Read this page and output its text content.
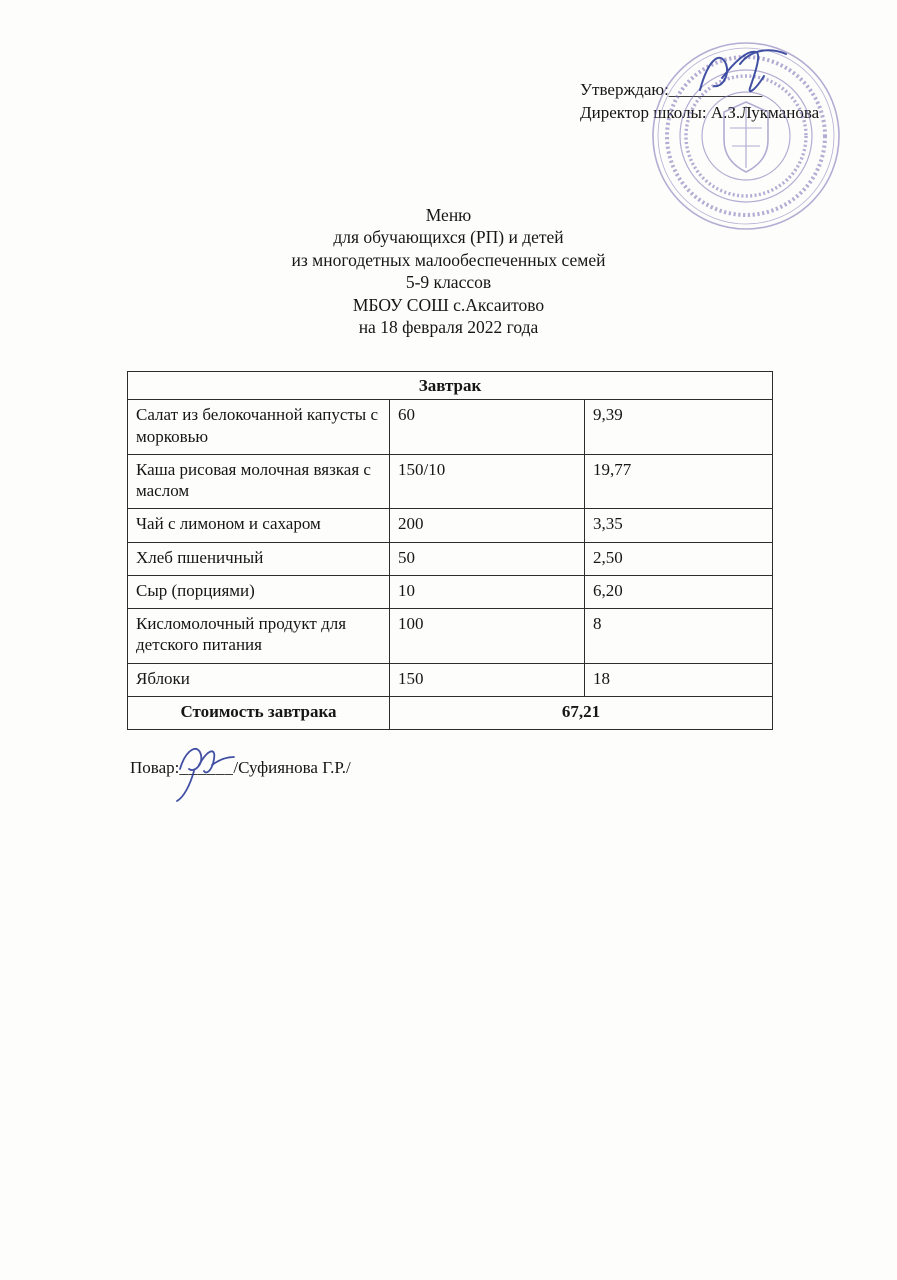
Утверждаю:___________
Директор школы: А.З.Лукманова
Меню
для обучающихся (РП) и детей
из многодетных малообеспеченных семей
5-9 классов
МБОУ СОШ с.Аксаитово
на 18 февраля 2022 года
Завтрак		
Салат из белокочанной капусты с морковью	60	9,39
Каша рисовая молочная вязкая с маслом	150/10	19,77
Чай с лимоном и сахаром	200	3,35
Хлеб пшеничный	50	2,50
Сыр (порциями)	10	6,20
Кисломолочный продукт для детского питания	100	8
Яблоки	150	18
Стоимость завтрака	67,21	
Повар:______/Суфиянова Г.Р./
